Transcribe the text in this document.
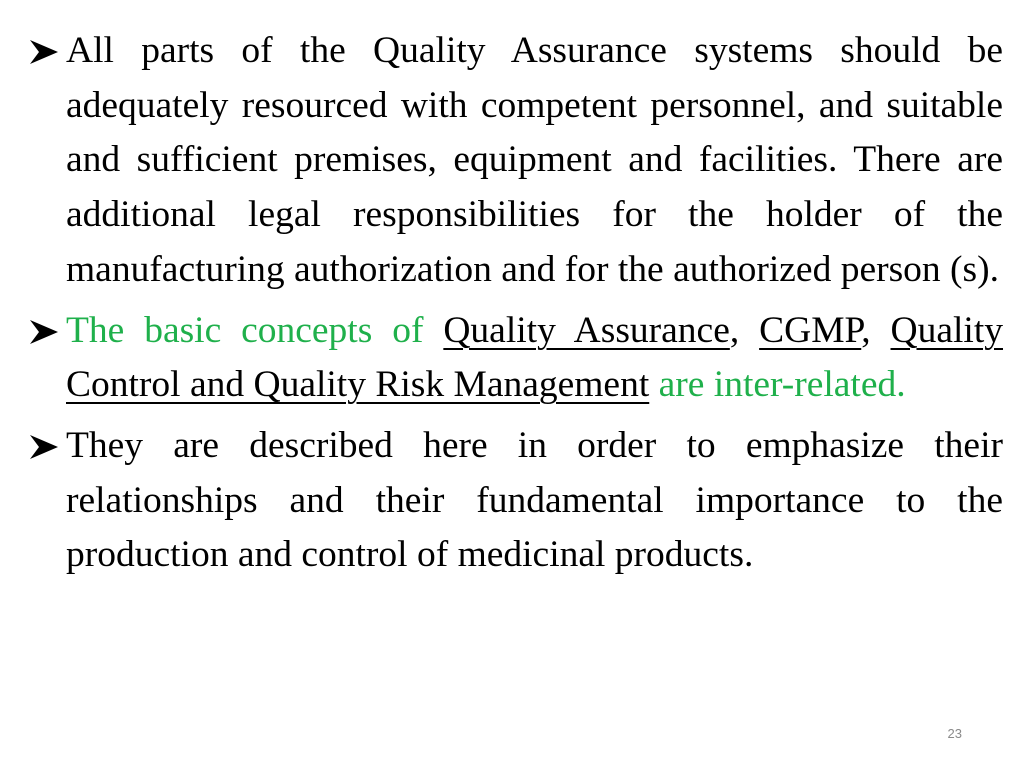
All parts of the Quality Assurance systems should be adequately resourced with competent personnel, and suitable and sufficient premises, equipment and facilities. There are additional legal responsibilities for the holder of the manufacturing authorization and for the authorized person (s).

The basic concepts of Quality Assurance, CGMP, Quality Control and Quality Risk Management are inter-related.

They are described here in order to emphasize their relationships and their fundamental importance to the production and control of medicinal products.

23
